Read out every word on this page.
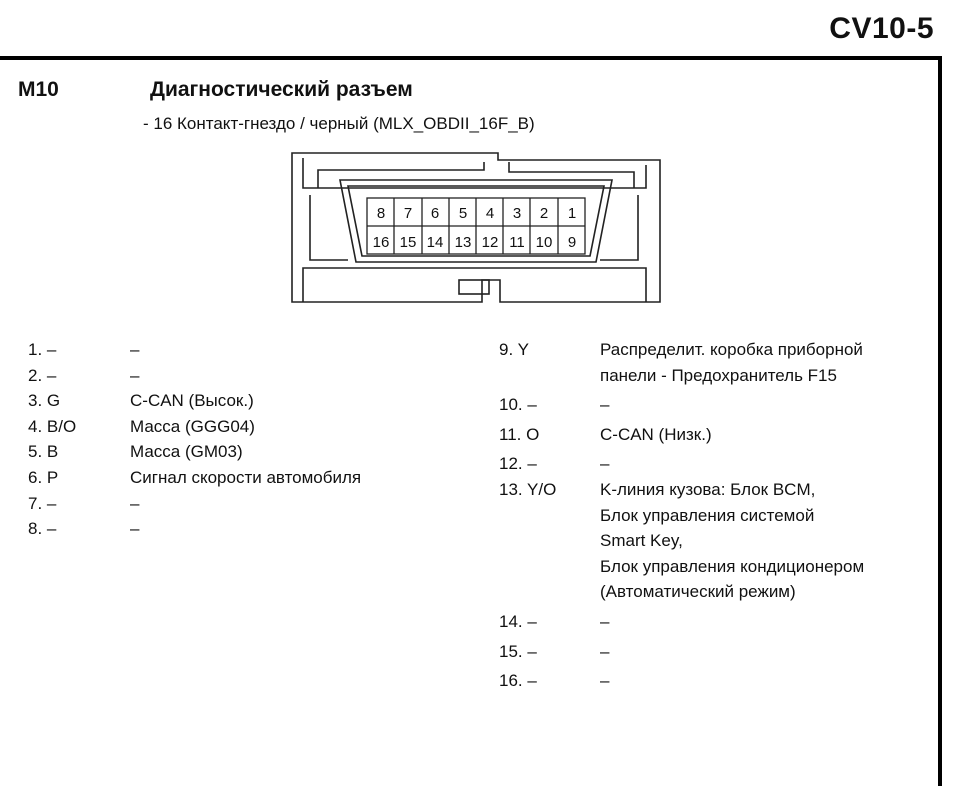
CV10-5
M10	Диагностический разъем
- 16 Контакт-гнездо / черный (MLX_OBDII_16F_B)
8 7 6 5 4 3 2 1
16 15 14 13 12 11 10 9
1. –	–
2. –	–
3. G	C-CAN (Высок.)
4. B/O	Масса (GGG04)
5. B	Масса (GM03)
6. P	Сигнал скорости автомобиля
7. –	–
8. –	–
9. Y	Распределит. коробка приборной
панели - Предохранитель F15
10. –	–
11. O	C-CAN (Низк.)
12. –	–
13. Y/O	K-линия кузова: Блок BCM,
Блок управления системой
Smart Key,
Блок управления кондиционером
(Автоматический режим)
14. –	–
15. –	–
16. –	–
